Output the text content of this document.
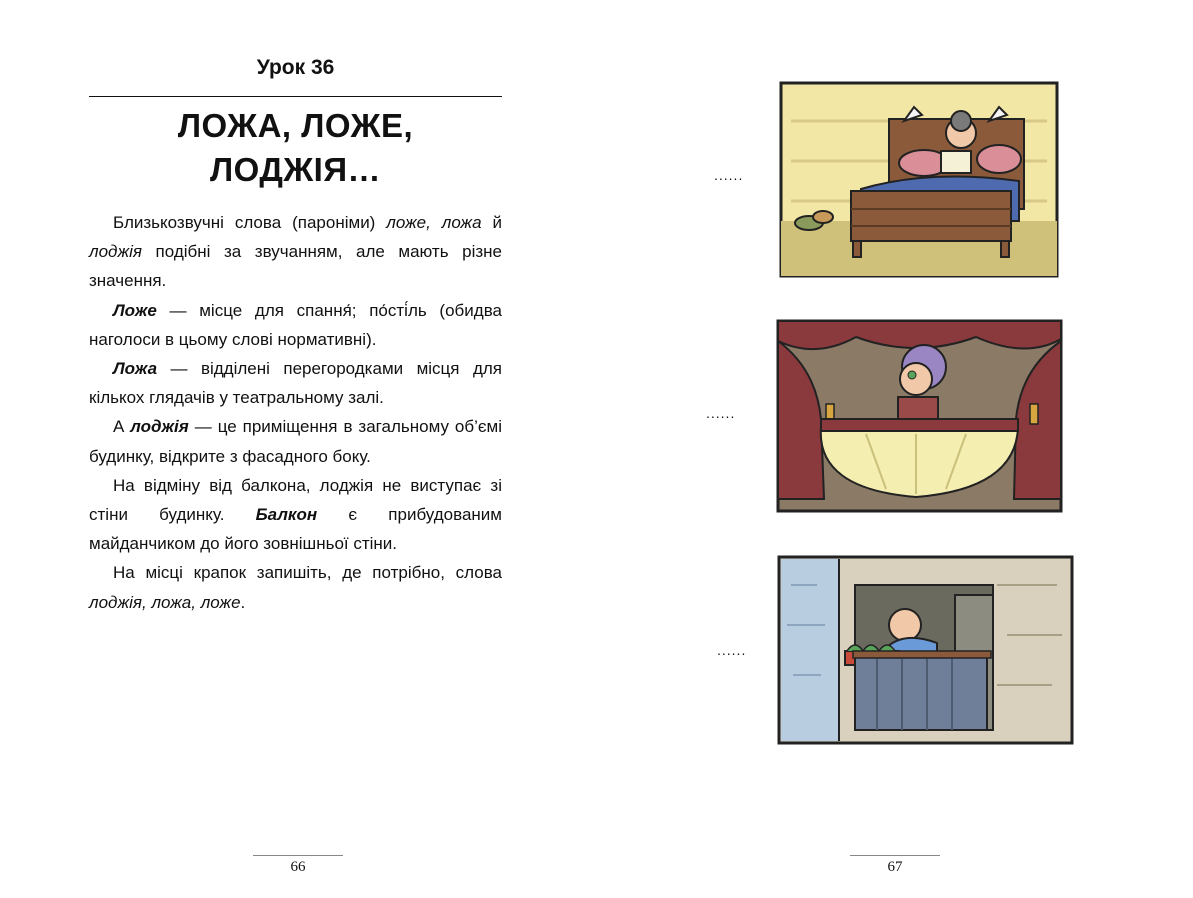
Урок 36
ЛОЖА, ЛОЖЕ,
ЛОДЖІЯ…

Близькозвучні слова (пароніми) ложе, ложа й лоджія подібні за звучанням, але мають різне значення.

Ложе — місце для спання́; по́сті́ль (обидва наголоси в цьому слові нормативні).

Ложа — відділені перегородками місця для кількох глядачів у театральному залі.

А лоджія — це приміщення в загальному об’ємі будинку, відкрите з фасадного боку.

На відміну від балкона, лоджія не виступає зі стіни будинку. Балкон є прибудованим майданчиком до його зовнішньої стіни.

На місці крапок запишіть, де потрібно, слова лоджія, ложа, ложе.

66
......
......
......
67
